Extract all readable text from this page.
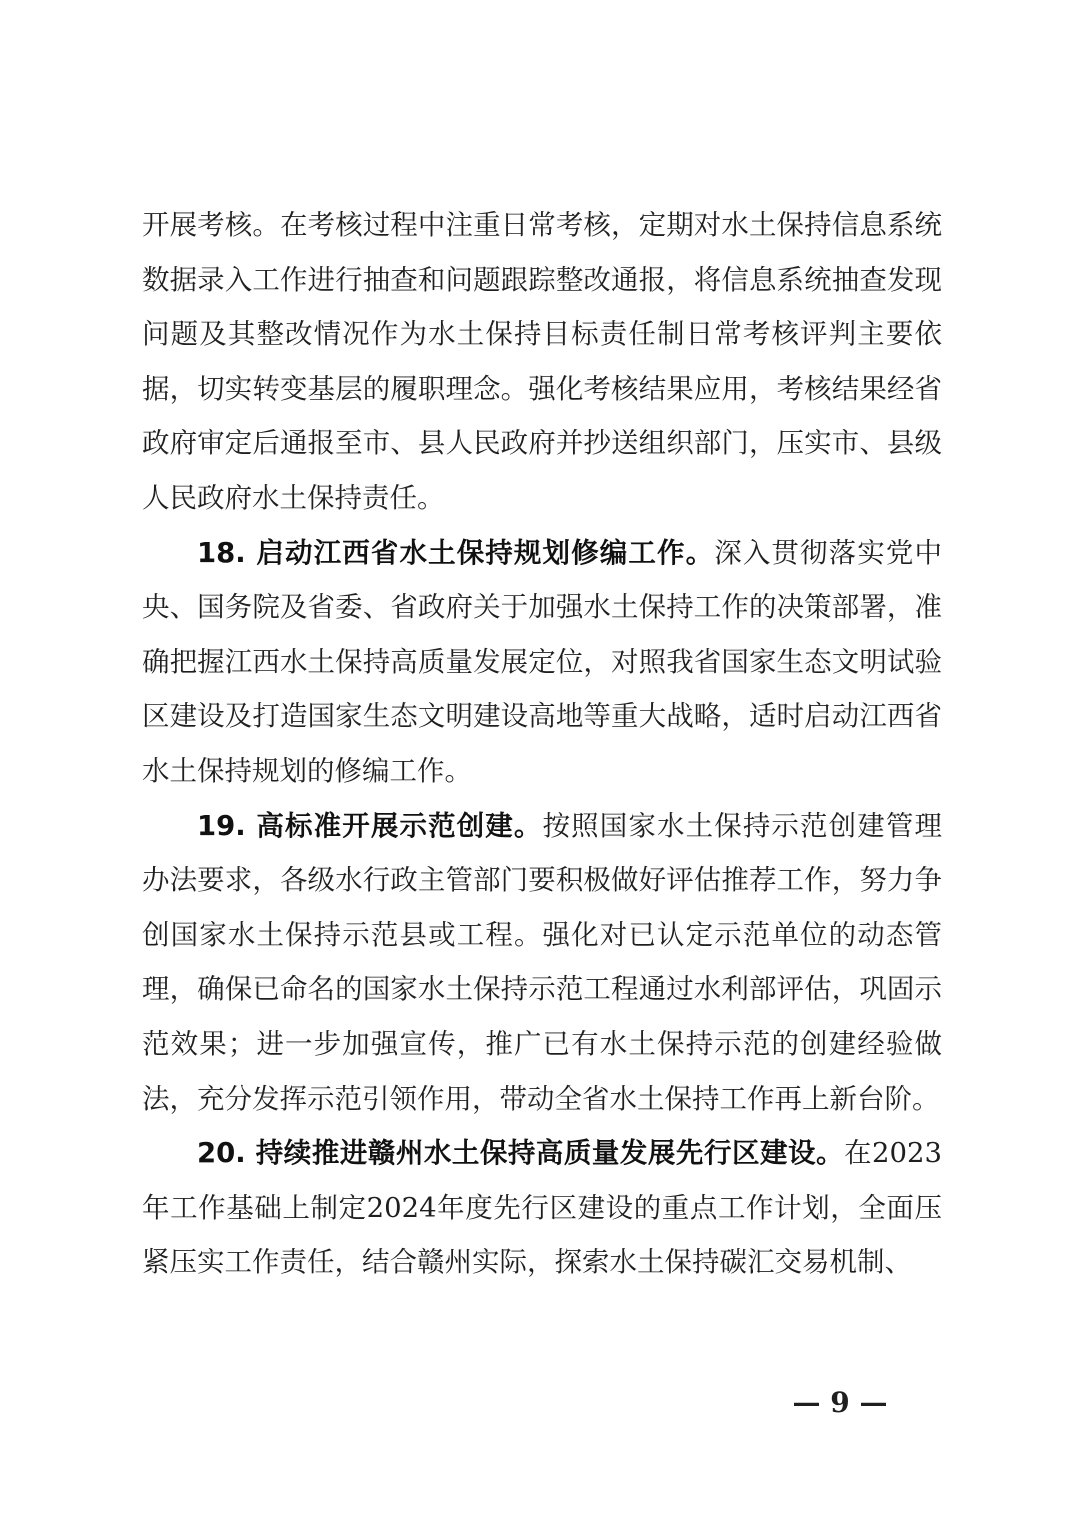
开展考核。在考核过程中注重日常考核，定期对水土保持信息系统数据录入工作进行抽查和问题跟踪整改通报，将信息系统抽查发现问题及其整改情况作为水土保持目标责任制日常考核评判主要依据，切实转变基层的履职理念。强化考核结果应用，考核结果经省政府审定后通报至市、县人民政府并抄送组织部门，压实市、县级人民政府水土保持责任。

18. 启动江西省水土保持规划修编工作。深入贯彻落实党中央、国务院及省委、省政府关于加强水土保持工作的决策部署，准确把握江西水土保持高质量发展定位，对照我省国家生态文明试验区建设及打造国家生态文明建设高地等重大战略，适时启动江西省水土保持规划的修编工作。

19. 高标准开展示范创建。按照国家水土保持示范创建管理办法要求，各级水行政主管部门要积极做好评估推荐工作，努力争创国家水土保持示范县或工程。强化对已认定示范单位的动态管理，确保已命名的国家水土保持示范工程通过水利部评估，巩固示范效果；进一步加强宣传，推广已有水土保持示范的创建经验做法，充分发挥示范引领作用，带动全省水土保持工作再上新台阶。

20. 持续推进赣州水土保持高质量发展先行区建设。在2023年工作基础上制定2024年度先行区建设的重点工作计划，全面压紧压实工作责任，结合赣州实际，探索水土保持碳汇交易机制、

— 9 —
